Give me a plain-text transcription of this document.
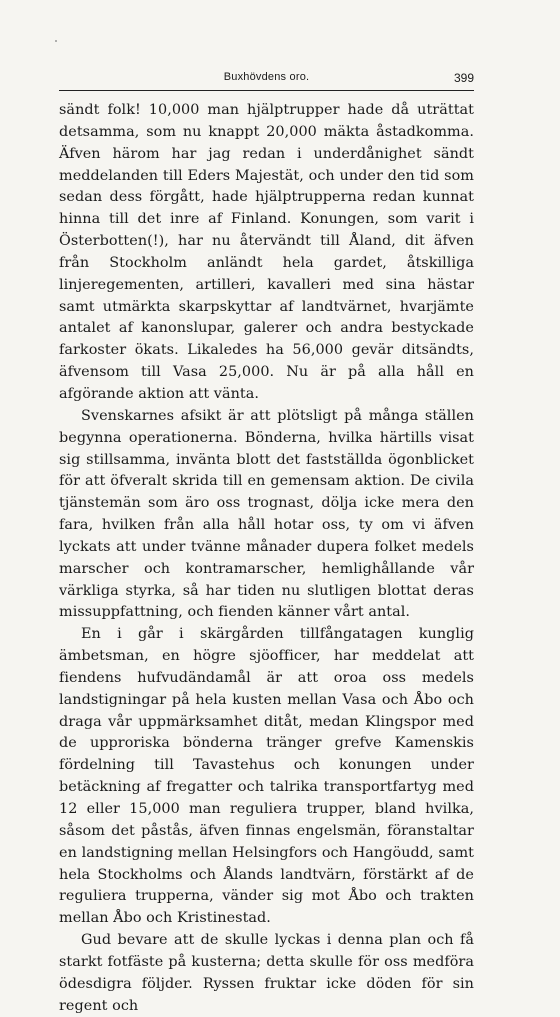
Buxhövdens oro.	399

sändt folk! 10,000 man hjälptrupper hade då uträttat detsamma, som nu knappt 20,000 mäkta åstadkomma. Äfven härom har jag redan i underdånighet sändt meddelanden till Eders Majestät, och under den tid som sedan dess förgått, hade hjälptrupperna redan kunnat hinna till det inre af Finland. Konungen, som varit i Österbotten(!), har nu återvändt till Åland, dit äfven från Stockholm anländt hela gardet, åtskilliga linjeregementen, artilleri, kavalleri med sina hästar samt utmärkta skarpskyttar af landtvärnet, hvarjämte antalet af kanonslupar, galerer och andra bestyckade farkoster ökats. Likaledes ha 56,000 gevär ditsändts, äfvensom till Vasa 25,000. Nu är på alla håll en afgörande aktion att vänta.

Svenskarnes afsikt är att plötsligt på många ställen begynna operationerna. Bönderna, hvilka härtills visat sig stillsamma, invänta blott det fastställda ögonblicket för att öfveralt skrida till en gemensam aktion. De civila tjänstemän som äro oss trognast, dölja icke mera den fara, hvilken från alla håll hotar oss, ty om vi äfven lyckats att under tvänne månader dupera folket medels marscher och kontramarscher, hemlighållande vår värkliga styrka, så har tiden nu slutligen blottat deras missuppfattning, och fienden känner vårt antal.

En i går i skärgården tillfångatagen kunglig ämbetsman, en högre sjöofficer, har meddelat att fiendens hufvudändamål är att oroa oss medels landstigningar på hela kusten mellan Vasa och Åbo och draga vår uppmärksamhet ditåt, medan Klingspor med de upproriska bönderna tränger grefve Kamenskis fördelning till Tavastehus och konungen under betäckning af fregatter och talrika transportfartyg med 12 eller 15,000 man reguliera trupper, bland hvilka, såsom det påstås, äfven finnas engelsmän, föranstaltar en landstigning mellan Helsingfors och Hangöudd, samt hela Stockholms och Ålands landtvärn, förstärkt af de reguliera trupperna, vänder sig mot Åbo och trakten mellan Åbo och Kristinestad.

Gud bevare att de skulle lyckas i denna plan och få starkt fotfäste på kusterna; detta skulle för oss medföra ödesdigra följder. Ryssen fruktar icke döden för sin regent och
